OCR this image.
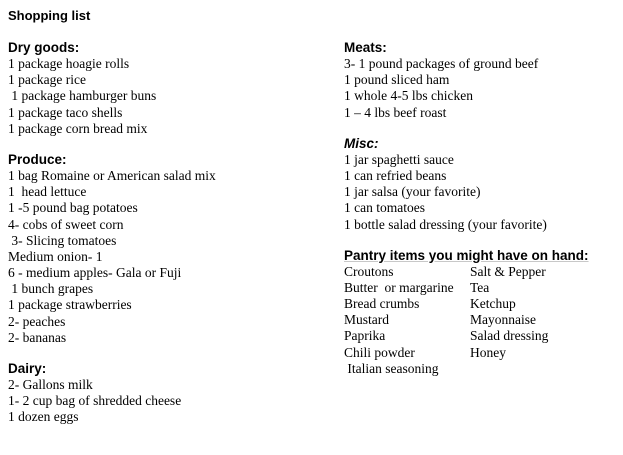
Shopping list
Dry goods:
1 package hoagie rolls
1 package rice
1 package hamburger buns
1 package taco shells
1 package corn bread mix
Produce:
1 bag Romaine or American salad mix
1  head lettuce
1 -5 pound bag potatoes
4- cobs of sweet corn
3- Slicing tomatoes
Medium onion- 1
6 - medium apples- Gala or Fuji
1 bunch grapes
1 package strawberries
2- peaches
2- bananas
Dairy:
2- Gallons milk
1- 2 cup bag of shredded cheese
1 dozen eggs
Meats:
3- 1 pound packages of ground beef
1 pound sliced ham
1 whole 4-5 lbs chicken
1 – 4 lbs beef roast
Misc:
1 jar spaghetti sauce
1 can refried beans
1 jar salsa (your favorite)
1 can tomatoes
1 bottle salad dressing (your favorite)
Pantry items you might have on hand:
Croutons	Salt & Pepper
Butter  or margarine	Tea
Bread crumbs	Ketchup
Mustard	Mayonnaise
Paprika	Salad dressing
Chili powder	Honey
Italian seasoning
